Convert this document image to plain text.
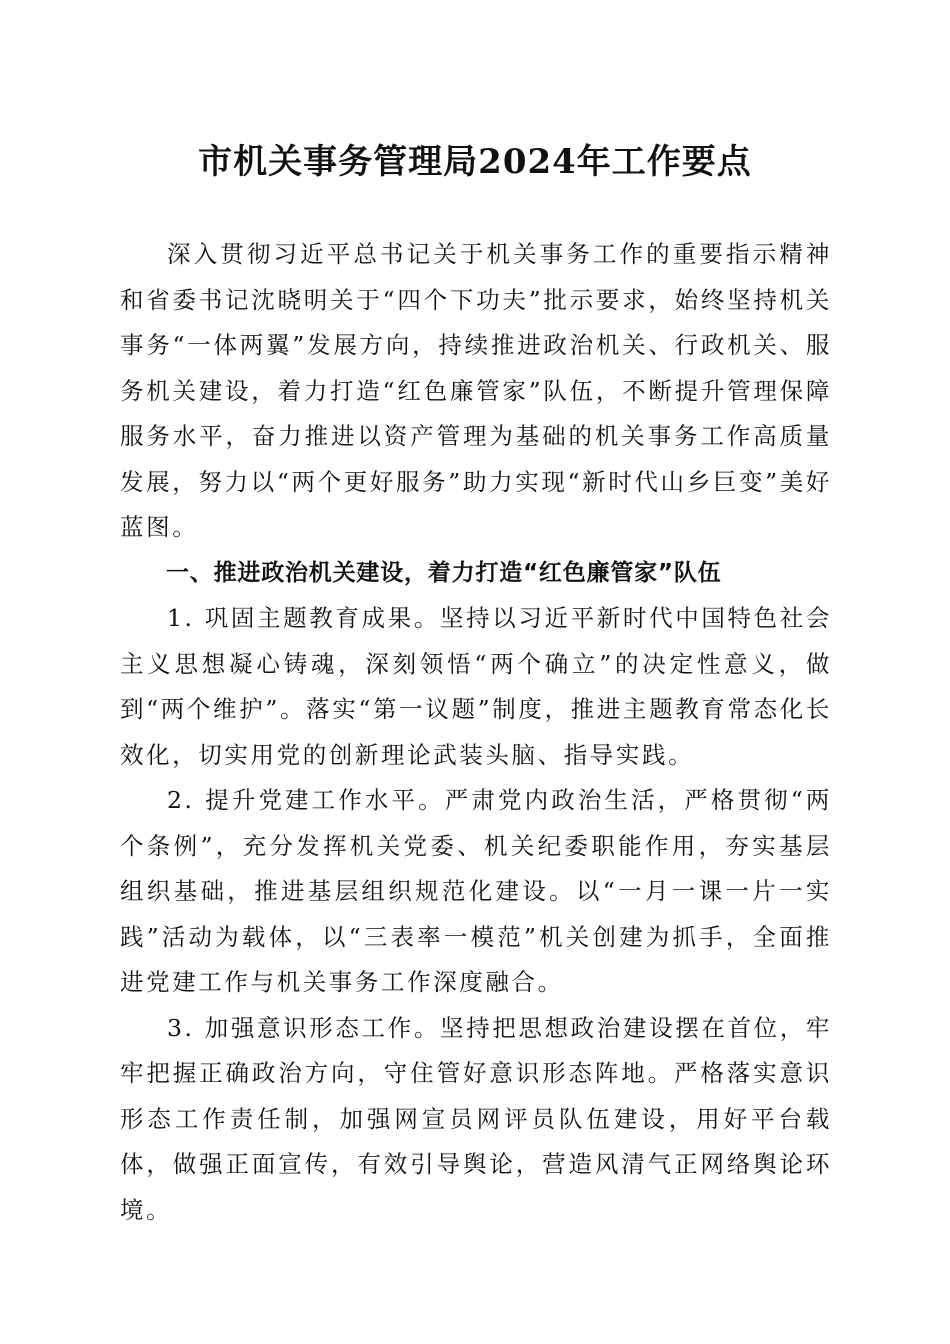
市机关事务管理局2024年工作要点

深入贯彻习近平总书记关于机关事务工作的重要指示精神和省委书记沈晓明关于“四个下功夫”批示要求，始终坚持机关事务“一体两翼”发展方向，持续推进政治机关、行政机关、服务机关建设，着力打造“红色廉管家”队伍，不断提升管理保障服务水平，奋力推进以资产管理为基础的机关事务工作高质量发展，努力以“两个更好服务”助力实现“新时代山乡巨变”美好蓝图。

一、推进政治机关建设，着力打造“红色廉管家”队伍

1. 巩固主题教育成果。坚持以习近平新时代中国特色社会主义思想凝心铸魂，深刻领悟“两个确立”的决定性意义，做到“两个维护”。落实“第一议题”制度，推进主题教育常态化长效化，切实用党的创新理论武装头脑、指导实践。

2. 提升党建工作水平。严肃党内政治生活，严格贯彻“两个条例”，充分发挥机关党委、机关纪委职能作用，夯实基层组织基础，推进基层组织规范化建设。以“一月一课一片一实践”活动为载体，以“三表率一模范”机关创建为抓手，全面推进党建工作与机关事务工作深度融合。

3. 加强意识形态工作。坚持把思想政治建设摆在首位，牢牢把握正确政治方向，守住管好意识形态阵地。严格落实意识形态工作责任制，加强网宣员网评员队伍建设，用好平台载体，做强正面宣传，有效引导舆论，营造风清气正网络舆论环境。
